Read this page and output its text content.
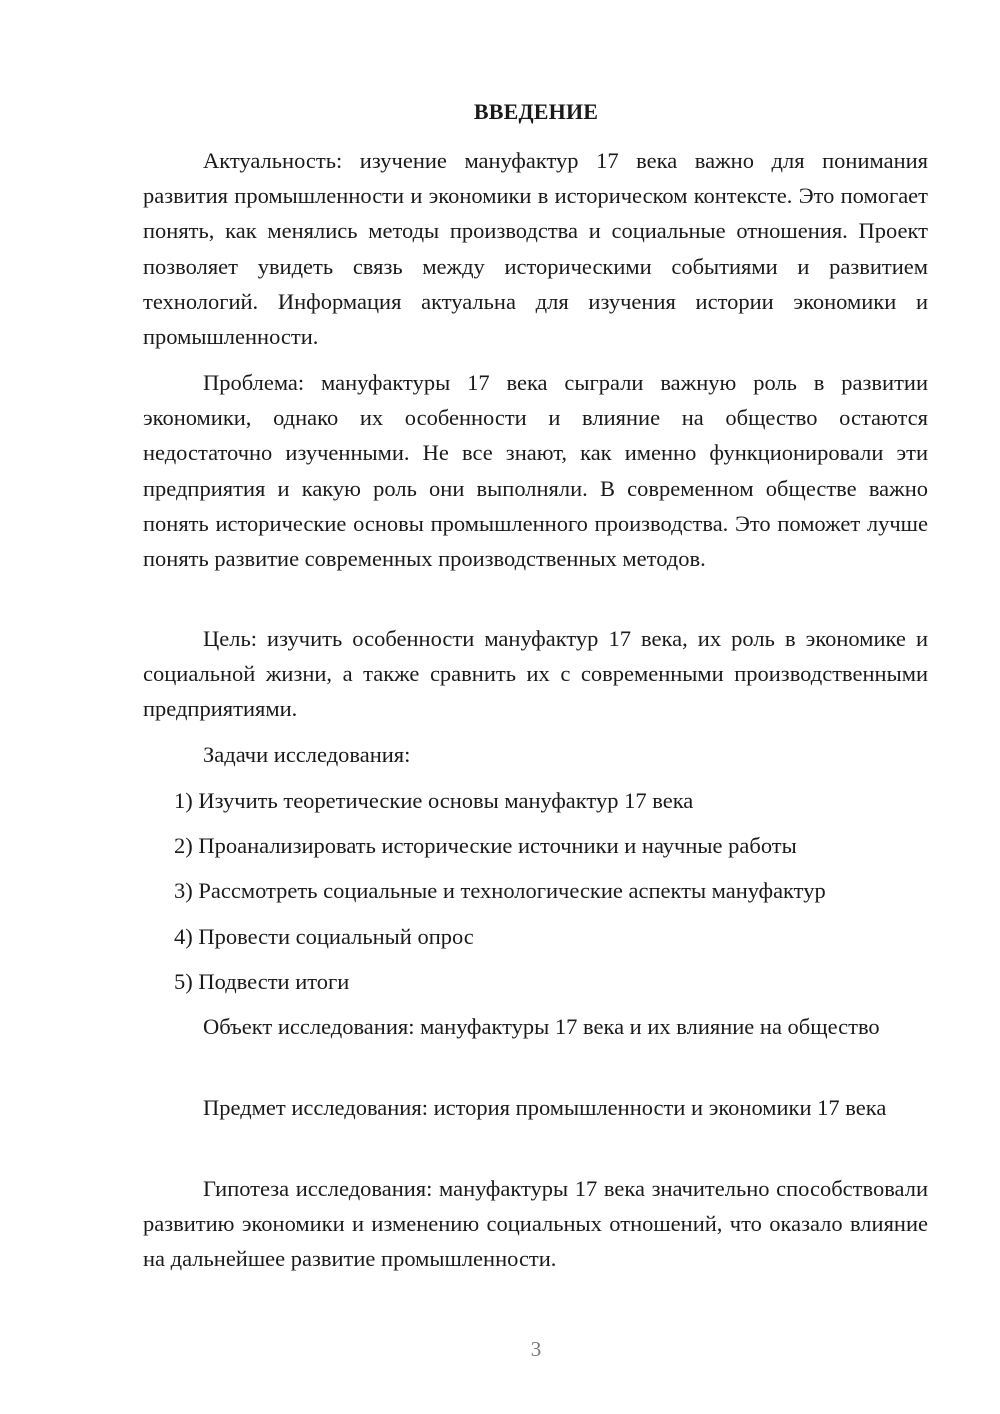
ВВЕДЕНИЕ

Актуальность: изучение мануфактур 17 века важно для понимания развития промышленности и экономики в историческом контексте. Это помогает понять, как менялись методы производства и социальные отношения. Проект позволяет увидеть связь между историческими событиями и развитием технологий. Информация актуальна для изучения истории экономики и промышленности.

Проблема: мануфактуры 17 века сыграли важную роль в развитии экономики, однако их особенности и влияние на общество остаются недостаточно изученными. Не все знают, как именно функционировали эти предприятия и какую роль они выполняли. В современном обществе важно понять исторические основы промышленного производства. Это поможет лучше понять развитие современных производственных методов.

Цель: изучить особенности мануфактур 17 века, их роль в экономике и социальной жизни, а также сравнить их с современными производственными предприятиями.

Задачи исследования:

1) Изучить теоретические основы мануфактур 17 века

2) Проанализировать исторические источники и научные работы

3) Рассмотреть социальные и технологические аспекты мануфактур

4) Провести социальный опрос

5) Подвести итоги

Объект исследования: мануфактуры 17 века и их влияние на общество

Предмет исследования: история промышленности и экономики 17 века

Гипотеза исследования: мануфактуры 17 века значительно способствовали развитию экономики и изменению социальных отношений, что оказало влияние на дальнейшее развитие промышленности.

3
